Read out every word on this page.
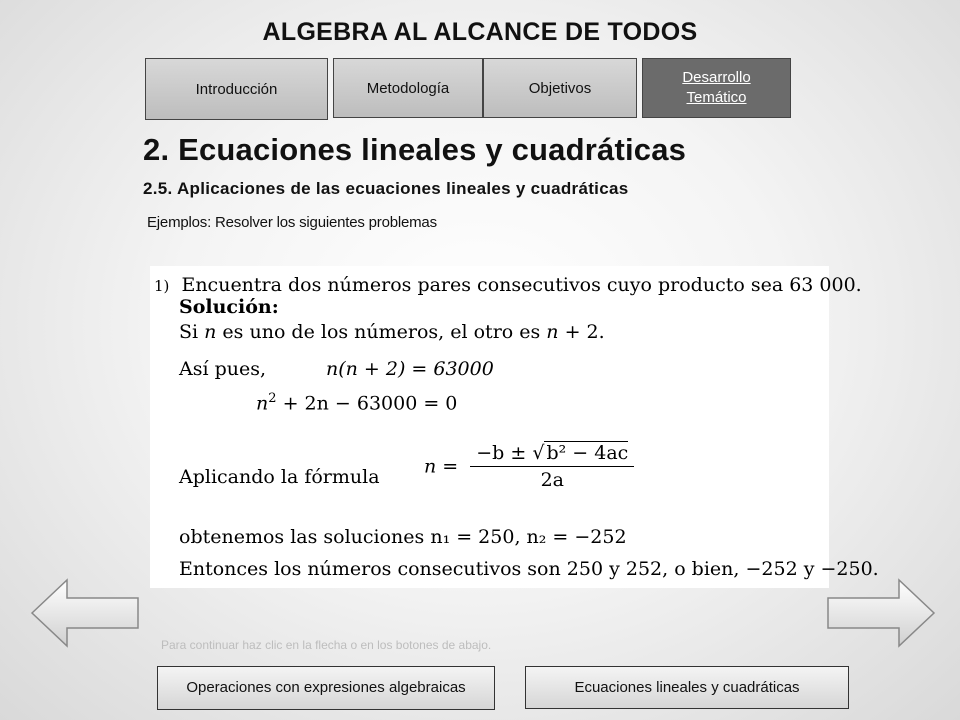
ALGEBRA AL ALCANCE DE TODOS
Introducción	Metodología	Objetivos
Desarrollo
Temático
2. Ecuaciones lineales y cuadráticas
2.5. Aplicaciones de las ecuaciones lineales y cuadráticas
Ejemplos: Resolver los siguientes problemas
1) Encuentra dos números pares consecutivos cuyo producto sea 63 000.
Solución:
Si n es uno de los números, el otro es n + 2.
Así pues,	n(n + 2) = 63000
$n^2 + 2n - 63000 = 0$
Aplicando la fórmula $n = \frac{\text{−b ± √ b² − 4ac}}{2a}$
obtenemos las soluciones n₁ = 250, n₂ = −252
Entonces los números consecutivos son 250 y 252, o bien, −252 y −250.
Para continuar haz clic en la flecha o en los botones de abajo.
Operaciones con expresiones algebraicas	Ecuaciones lineales y cuadráticas
